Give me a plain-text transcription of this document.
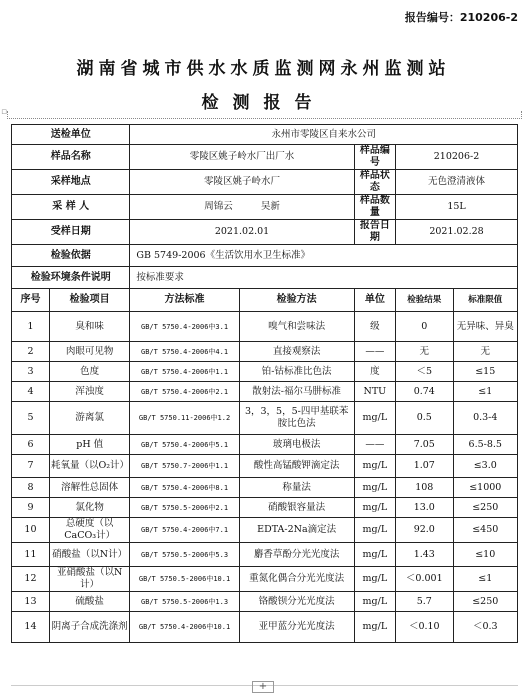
报告编号：210206-2
湖南省城市供水水质监测网永州监测站
检测报告
▫
送检单位		永州市零陵区自来水公司				
样品名称		零陵区姚子岭水厂出厂水		样品编号	210206-2	
采样地点		零陵区姚子岭水厂		样品状态	无色澄清液体	
采 样 人		周锦云 吴新		样品数量	15L	
受样日期		2021.02.01		报告日期	2021.02.28	
检验依据		GB 5749-2006《生活饮用水卫生标准》				
检验环境条件说明		按标准要求				
序号	检验项目	方法标准	检验方法	单位	检验结果	标准限值
1	臭和味	GB/T 5750.4-2006中3.1	嗅气和尝味法	级	0	无异味、异臭
2	肉眼可见物	GB/T 5750.4-2006中4.1	直接观察法	——	无	无
3	色度	GB/T 5750.4-2006中1.1	铂-钴标准比色法	度	＜5	≤15
4	浑浊度	GB/T 5750.4-2006中2.1	散射法-福尔马肼标准	NTU	0.74	≤1
5	游离氯	GB/T 5750.11-2006中1.2	3，3，5，5-四甲基联苯胺比色法	mg/L	0.5	0.3-4
6	pH 值	GB/T 5750.4-2006中5.1	玻璃电极法	——	7.05	6.5-8.5
7	耗氧量（以O₂计）	GB/T 5750.7-2006中1.1	酸性高锰酸钾滴定法	mg/L	1.07	≤3.0
8	溶解性总固体	GB/T 5750.4-2006中8.1	称量法	mg/L	108	≤1000
9	氯化物	GB/T 5750.5-2006中2.1	硝酸银容量法	mg/L	13.0	≤250
10	总硬度（以CaCO₃计）	GB/T 5750.4-2006中7.1	EDTA-2Na滴定法	mg/L	92.0	≤450
11	硝酸盐（以N计）	GB/T 5750.5-2006中5.3	麝香草酚分光光度法	mg/L	1.43	≤10
12	亚硝酸盐（以N计）	GB/T 5750.5-2006中10.1	重氮化偶合分光光度法	mg/L	＜0.001	≤1
13	硫酸盐	GB/T 5750.5-2006中1.3	铬酸钡分光光度法	mg/L	5.7	≤250
14	阴离子合成洗涤剂	GB/T 5750.4-2006中10.1	亚甲蓝分光光度法	mg/L	＜0.10	＜0.3
+
